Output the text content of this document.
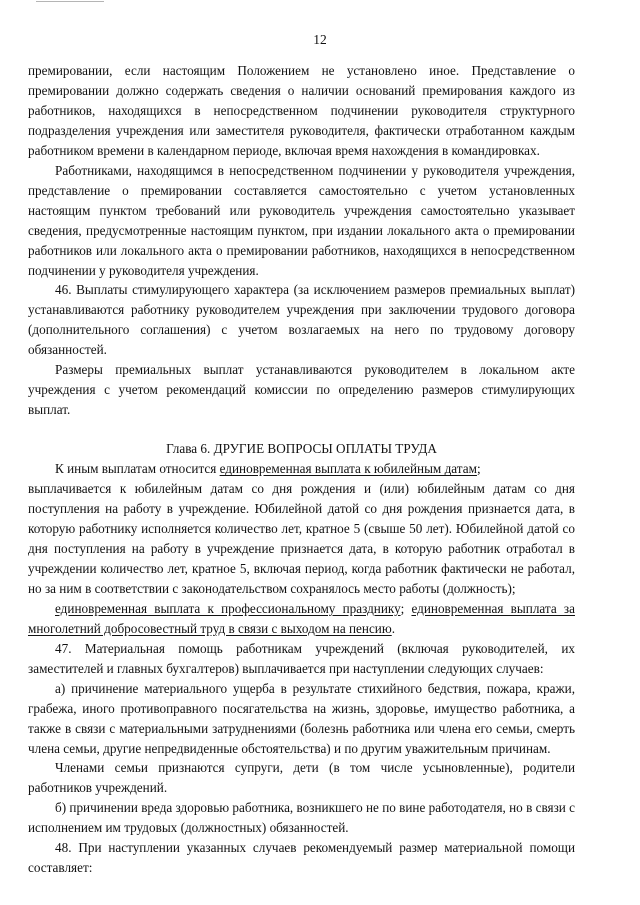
12

премировании, если настоящим Положением не установлено иное. Представление о премировании должно содержать сведения о наличии оснований премирования каждого из работников, находящихся в непосредственном подчинении руководителя структурного подразделения учреждения или заместителя руководителя, фактически отработанном каждым работником времени в календарном периоде, включая время нахождения в командировках.

Работниками, находящимся в непосредственном подчинении у руководителя учреждения, представление о премировании составляется самостоятельно с учетом установленных настоящим пунктом требований или руководитель учреждения самостоятельно указывает сведения, предусмотренные настоящим пунктом, при издании локального акта о премировании работников или локального акта о премировании работников, находящихся в непосредственном подчинении у руководителя учреждения.

46. Выплаты стимулирующего характера (за исключением размеров премиальных выплат) устанавливаются работнику руководителем учреждения при заключении трудового договора (дополнительного соглашения) с учетом возлагаемых на него по трудовому договору обязанностей.

Размеры премиальных выплат устанавливаются руководителем в локальном акте учреждения с учетом рекомендаций комиссии по определению размеров стимулирующих выплат.

Глава 6. ДРУГИЕ ВОПРОСЫ ОПЛАТЫ ТРУДА

К иным выплатам относится единовременная выплата к юбилейным датам;

выплачивается к юбилейным датам со дня рождения и (или) юбилейным датам со дня поступления на работу в учреждение. Юбилейной датой со дня рождения признается дата, в которую работнику исполняется количество лет, кратное 5 (свыше 50 лет). Юбилейной датой со дня поступления на работу в учреждение признается дата, в которую работник отработал в учреждении количество лет, кратное 5, включая период, когда работник фактически не работал, но за ним в соответствии с законодательством сохранялось место работы (должность);

единовременная выплата к профессиональному празднику; единовременная выплата за многолетний добросовестный труд в связи с выходом на пенсию.

47. Материальная помощь работникам учреждений (включая руководителей, их заместителей и главных бухгалтеров) выплачивается при наступлении следующих случаев:

а) причинение материального ущерба в результате стихийного бедствия, пожара, кражи, грабежа, иного противоправного посягательства на жизнь, здоровье, имущество работника, а также в связи с материальными затруднениями (болезнь работника или члена его семьи, смерть члена семьи, другие непредвиденные обстоятельства) и по другим уважительным причинам.

Членами семьи признаются супруги, дети (в том числе усыновленные), родители работников учреждений.

б) причинении вреда здоровью работника, возникшего не по вине работодателя, но в связи с исполнением им трудовых (должностных) обязанностей.

48. При наступлении указанных случаев рекомендуемый размер материальной помощи составляет:
